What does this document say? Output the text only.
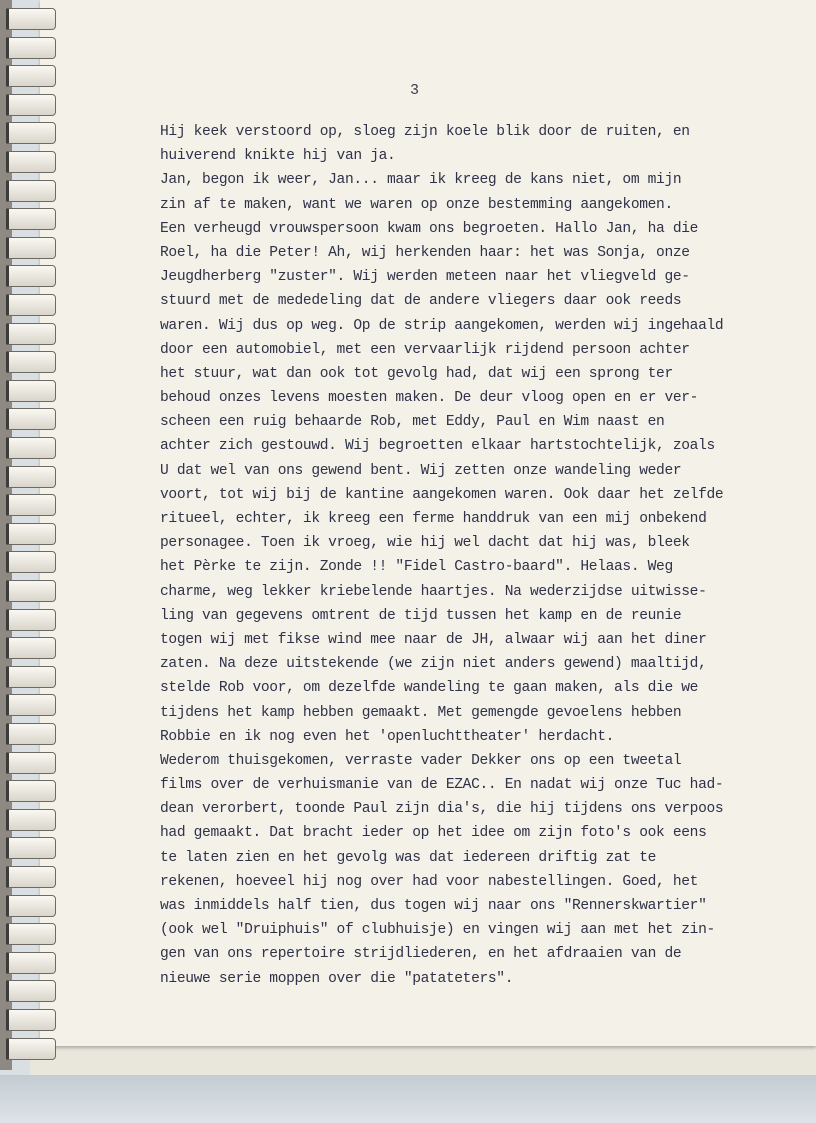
3
Hij keek verstoord op, sloeg zijn koele blik door de ruiten, en
huiverend knikte hij van ja.
Jan, begon ik weer, Jan... maar ik kreeg de kans niet, om mijn
zin af te maken, want we waren op onze bestemming aangekomen.
Een verheugd vrouwspersoon kwam ons begroeten. Hallo Jan, ha die
Roel, ha die Peter! Ah, wij herkenden haar: het was Sonja, onze
Jeugdherberg "zuster". Wij werden meteen naar het vliegveld ge-
stuurd met de mededeling dat de andere vliegers daar ook reeds
waren. Wij dus op weg. Op de strip aangekomen, werden wij ingehaald
door een automobiel, met een vervaarlijk rijdend persoon achter
het stuur, wat dan ook tot gevolg had, dat wij een sprong ter
behoud onzes levens moesten maken. De deur vloog open en er ver-
scheen een ruig behaarde Rob, met Eddy, Paul en Wim naast en
achter zich gestouwd. Wij begroetten elkaar hartstochtelijk, zoals
U dat wel van ons gewend bent. Wij zetten onze wandeling weder
voort, tot wij bij de kantine aangekomen waren. Ook daar het zelfde
ritueel, echter, ik kreeg een ferme handdruk van een mij onbekend
personagee. Toen ik vroeg, wie hij wel dacht dat hij was, bleek
het Pèrke te zijn. Zonde !! "Fidel Castro-baard". Helaas. Weg
charme, weg lekker kriebelende haartjes. Na wederzijdse uitwisse-
ling van gegevens omtrent de tijd tussen het kamp en de reunie
togen wij met fikse wind mee naar de JH, alwaar wij aan het diner
zaten. Na deze uitstekende (we zijn niet anders gewend) maaltijd,
stelde Rob voor, om dezelfde wandeling te gaan maken, als die we
tijdens het kamp hebben gemaakt. Met gemengde gevoelens hebben
Robbie en ik nog even het 'openluchttheater' herdacht.
Wederom thuisgekomen, verraste vader Dekker ons op een tweetal
films over de verhuismanie van de EZAC.. En nadat wij onze Tuc had-
dean verorbert, toonde Paul zijn dia's, die hij tijdens ons verpoos
had gemaakt. Dat bracht ieder op het idee om zijn foto's ook eens
te laten zien en het gevolg was dat iedereen driftig zat te
rekenen, hoeveel hij nog over had voor nabestellingen. Goed, het
was inmiddels half tien, dus togen wij naar ons "Rennerskwartier"
(ook wel "Druiphuis" of clubhuisje) en vingen wij aan met het zin-
gen van ons repertoire strijdliederen, en het afdraaien van de
nieuwe serie moppen over die "patateters".
